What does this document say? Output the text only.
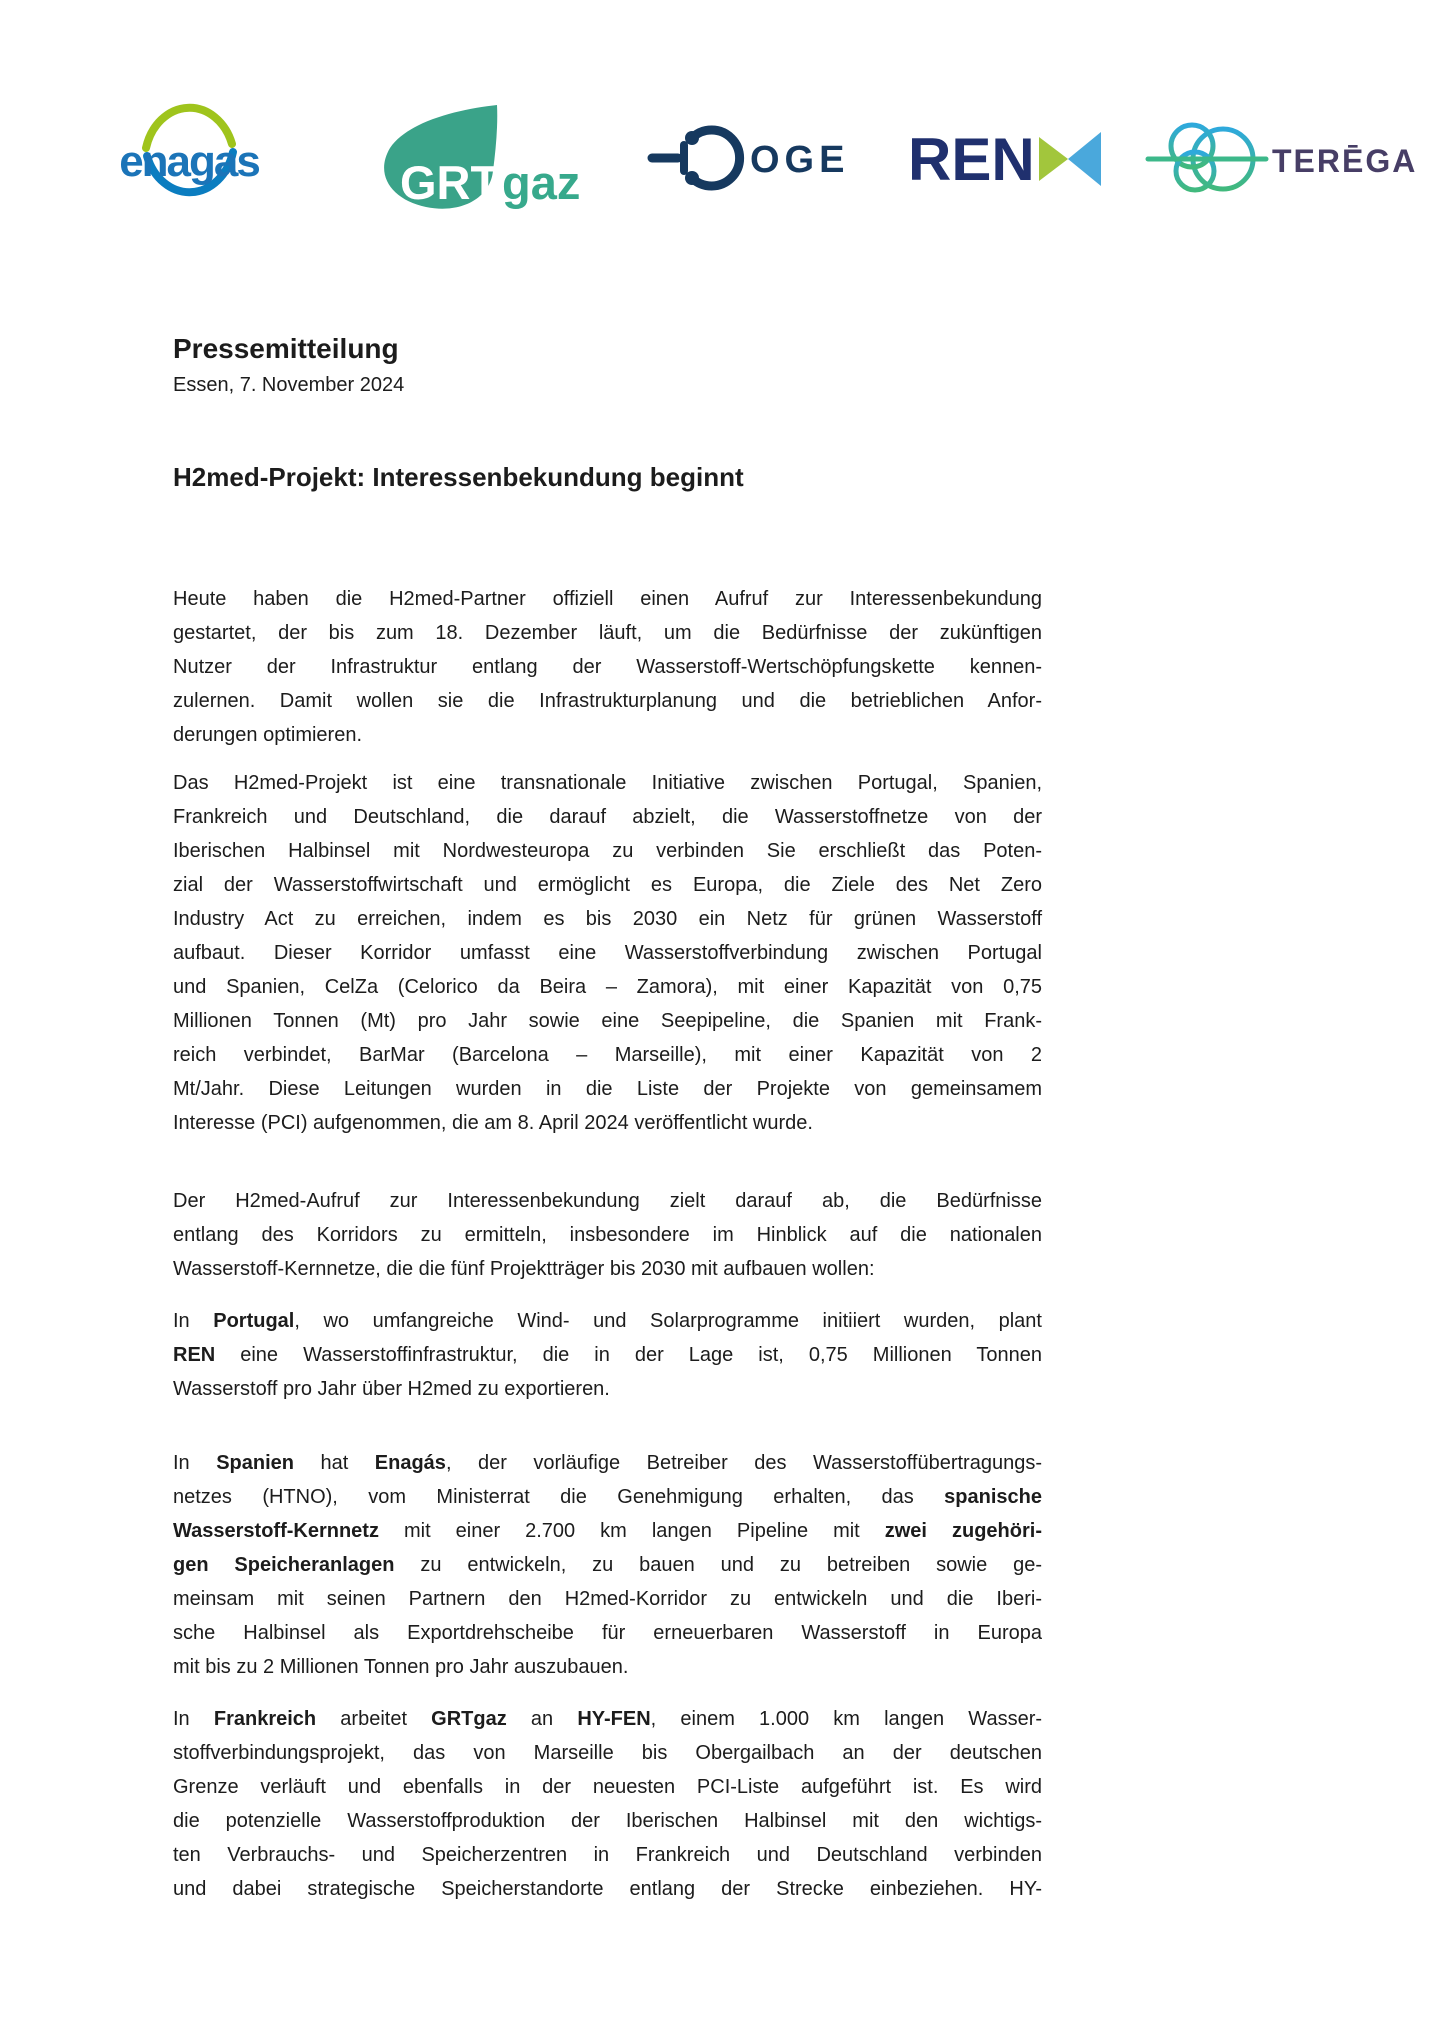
enagas	GRT gaz	OGE REN	TERĒGA

Pressemitteilung

Essen, 7. November 2024

H2med-Projekt: Interessenbekundung beginnt
Heute haben die H2med-Partner offiziell einen Aufruf zur Interessenbekundung
gestartet, der bis zum 18. Dezember läuft, um die Bedürfnisse der zukünftigen
Nutzer der Infrastruktur entlang der Wasserstoff-Wertschöpfungskette kennen-
zulernen. Damit wollen sie die Infrastrukturplanung und die betrieblichen Anfor-
derungen optimieren.
Das H2med-Projekt ist eine transnationale Initiative zwischen Portugal, Spanien,
Frankreich und Deutschland, die darauf abzielt, die Wasserstoffnetze von der
Iberischen Halbinsel mit Nordwesteuropa zu verbinden Sie erschließt das Poten-
zial der Wasserstoffwirtschaft und ermöglicht es Europa, die Ziele des Net Zero
Industry Act zu erreichen, indem es bis 2030 ein Netz für grünen Wasserstoff
aufbaut. Dieser Korridor umfasst eine Wasserstoffverbindung zwischen Portugal
und Spanien, CelZa (Celorico da Beira – Zamora), mit einer Kapazität von 0,75
Millionen Tonnen (Mt) pro Jahr sowie eine Seepipeline, die Spanien mit Frank-
reich verbindet, BarMar (Barcelona – Marseille), mit einer Kapazität von 2
Mt/Jahr. Diese Leitungen wurden in die Liste der Projekte von gemeinsamem
Interesse (PCI) aufgenommen, die am 8. April 2024 veröffentlicht wurde.
Der H2med-Aufruf zur Interessenbekundung zielt darauf ab, die Bedürfnisse
entlang des Korridors zu ermitteln, insbesondere im Hinblick auf die nationalen
Wasserstoff-Kernnetze, die die fünf Projektträger bis 2030 mit aufbauen wollen:
In Portugal, wo umfangreiche Wind- und Solarprogramme initiiert wurden, plant
REN eine Wasserstoffinfrastruktur, die in der Lage ist, 0,75 Millionen Tonnen
Wasserstoff pro Jahr über H2med zu exportieren.
In Spanien hat Enagás, der vorläufige Betreiber des Wasserstoffübertragungs-
netzes (HTNO), vom Ministerrat die Genehmigung erhalten, das spanische
Wasserstoff-Kernnetz mit einer 2.700 km langen Pipeline mit zwei zugehöri-
gen Speicheranlagen zu entwickeln, zu bauen und zu betreiben sowie ge-
meinsam mit seinen Partnern den H2med-Korridor zu entwickeln und die Iberi-
sche Halbinsel als Exportdrehscheibe für erneuerbaren Wasserstoff in Europa
mit bis zu 2 Millionen Tonnen pro Jahr auszubauen.
In Frankreich arbeitet GRTgaz an HY-FEN, einem 1.000 km langen Wasser-
stoffverbindungsprojekt, das von Marseille bis Obergailbach an der deutschen
Grenze verläuft und ebenfalls in der neuesten PCI-Liste aufgeführt ist. Es wird
die potenzielle Wasserstoffproduktion der Iberischen Halbinsel mit den wichtigs-
ten Verbrauchs- und Speicherzentren in Frankreich und Deutschland verbinden
und dabei strategische Speicherstandorte entlang der Strecke einbeziehen. HY-
